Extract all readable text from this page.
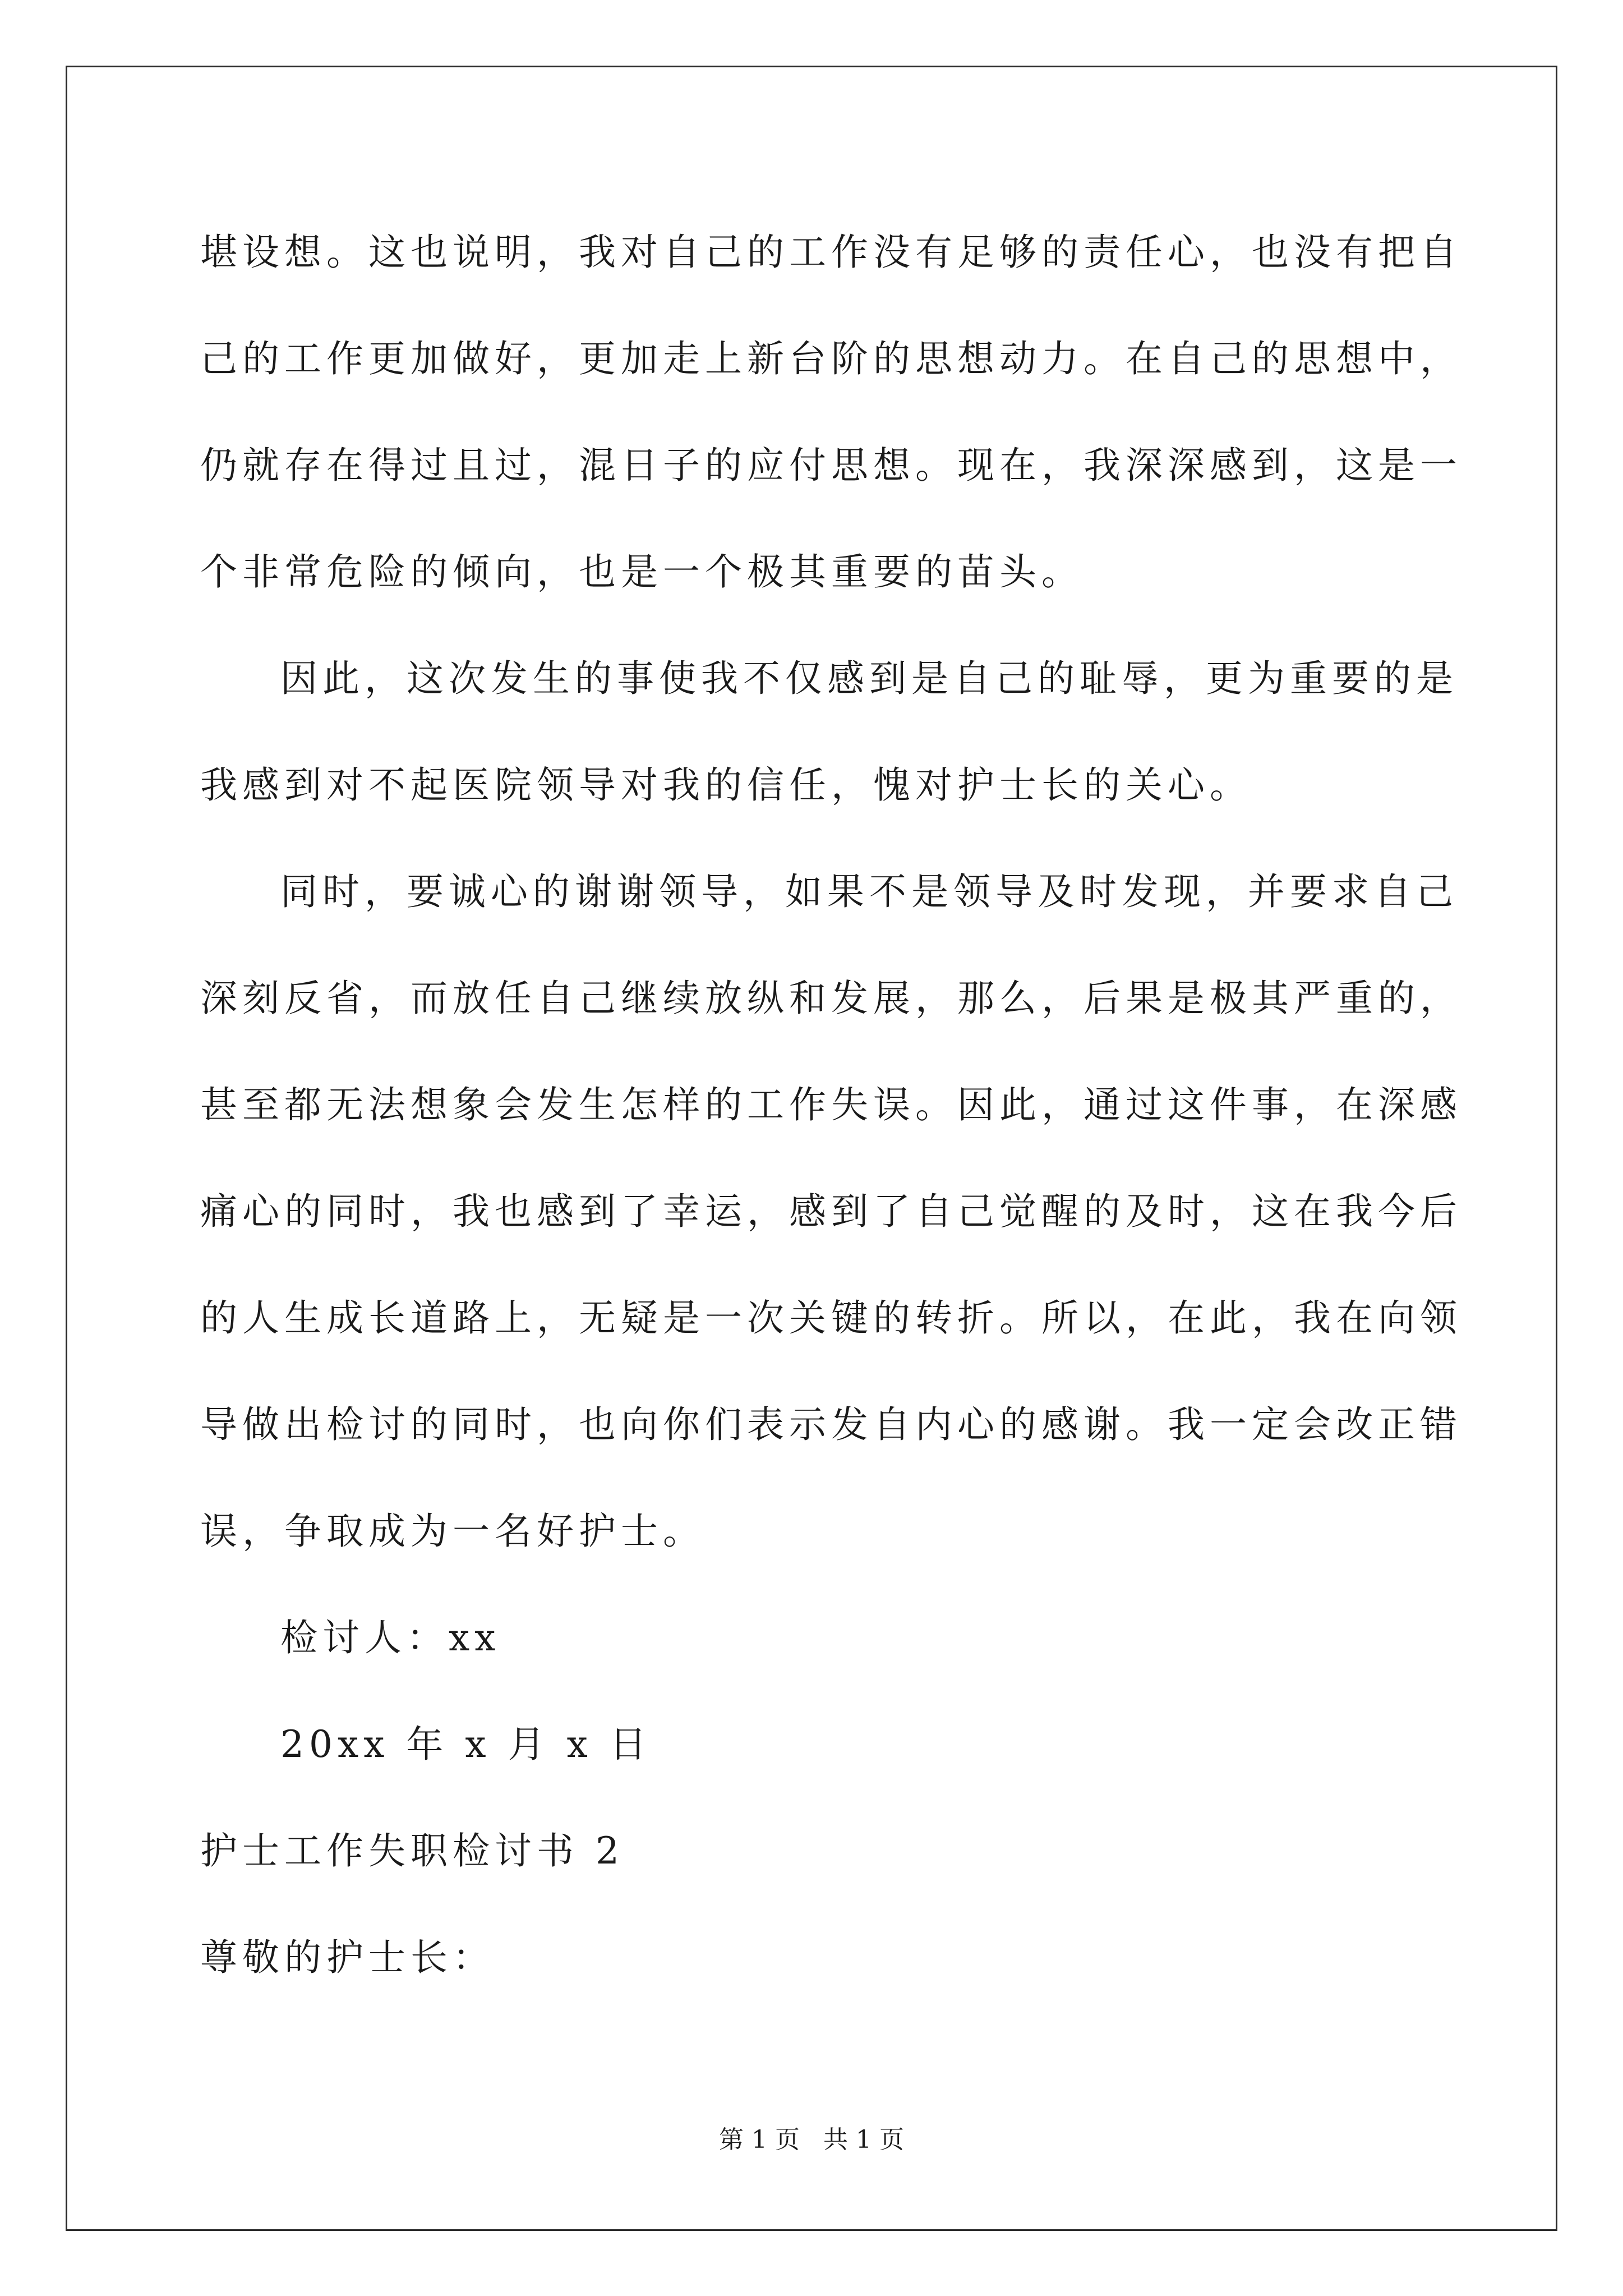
堪设想。这也说明，我对自己的工作没有足够的责任心，也没有把自
己的工作更加做好，更加走上新台阶的思想动力。在自己的思想中，
仍就存在得过且过，混日子的应付思想。现在，我深深感到，这是一
个非常危险的倾向，也是一个极其重要的苗头。
因此，这次发生的事使我不仅感到是自己的耻辱，更为重要的是
我感到对不起医院领导对我的信任，愧对护士长的关心。
同时，要诚心的谢谢领导，如果不是领导及时发现，并要求自己
深刻反省，而放任自己继续放纵和发展，那么，后果是极其严重的，
甚至都无法想象会发生怎样的工作失误。因此，通过这件事，在深感
痛心的同时，我也感到了幸运，感到了自己觉醒的及时，这在我今后
的人生成长道路上，无疑是一次关键的转折。所以，在此，我在向领
导做出检讨的同时，也向你们表示发自内心的感谢。我一定会改正错
误，争取成为一名好护士。
检讨人：xx
20xx 年 x 月 x 日
护士工作失职检讨书 2
尊敬的护士长：
第 1 页   共 1 页
